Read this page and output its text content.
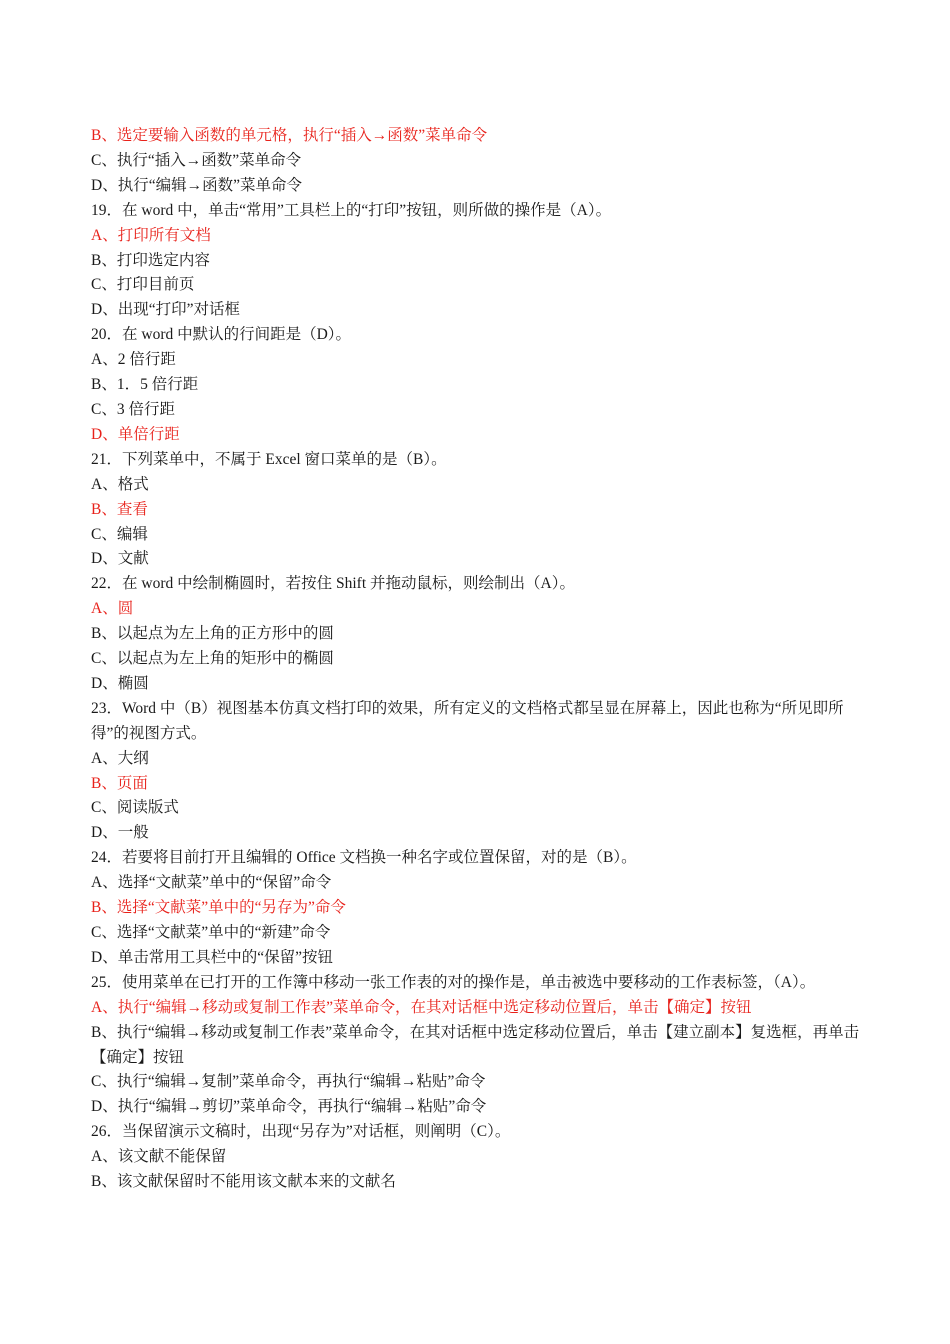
B、选定要输入函数的单元格，执行“插入→函数”菜单命令
C、执行“插入→函数”菜单命令
D、执行“编辑→函数”菜单命令
19．在 word 中，单击“常用”工具栏上的“打印”按钮，则所做的操作是（A）。
A、打印所有文档
B、打印选定内容
C、打印目前页
D、出现“打印”对话框
20．在 word 中默认的行间距是（D）。
A、2 倍行距
B、1．5 倍行距
C、3 倍行距
D、单倍行距
21．下列菜单中，不属于 Excel 窗口菜单的是（B）。
A、格式
B、查看
C、编辑
D、文献
22．在 word 中绘制椭圆时，若按住 Shift 并拖动鼠标，则绘制出（A）。
A、圆
B、以起点为左上角的正方形中的圆
C、以起点为左上角的矩形中的椭圆
D、椭圆
23．Word 中（B）视图基本仿真文档打印的效果，所有定义的文档格式都呈显在屏幕上，因此也称为“所见即所得”的视图方式。
A、大纲
B、页面
C、阅读版式
D、一般
24．若要将目前打开且编辑的 Office 文档换一种名字或位置保留，对的是（B）。
A、选择“文献菜”单中的“保留”命令
B、选择“文献菜”单中的“另存为”命令
C、选择“文献菜”单中的“新建”命令
D、单击常用工具栏中的“保留”按钮
25．使用菜单在已打开的工作簿中移动一张工作表的对的操作是，单击被选中要移动的工作表标签，（A）。
A、执行“编辑→移动或复制工作表”菜单命令，在其对话框中选定移动位置后，单击【确定】按钮
B、执行“编辑→移动或复制工作表”菜单命令，在其对话框中选定移动位置后，单击【建立副本】复选框，再单击【确定】按钮
C、执行“编辑→复制”菜单命令，再执行“编辑→粘贴”命令
D、执行“编辑→剪切”菜单命令，再执行“编辑→粘贴”命令
26．当保留演示文稿时，出现“另存为”对话框，则阐明（C）。
A、该文献不能保留
B、该文献保留时不能用该文献本来的文献名
